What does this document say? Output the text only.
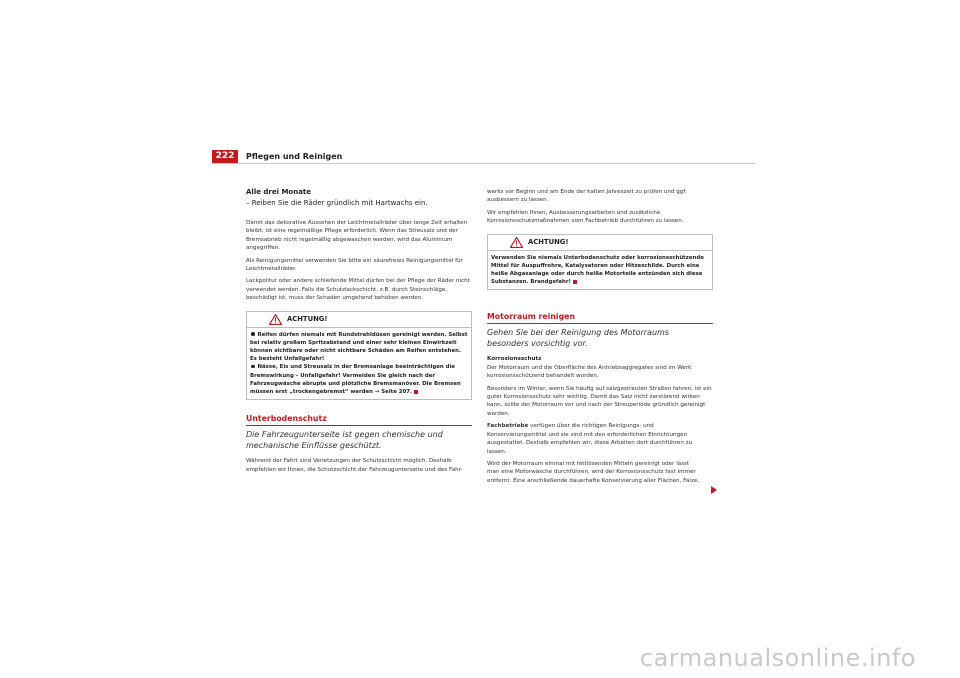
222	Pflegen und Reinigen
Alle drei Monate
– Reiben Sie die Räder gründlich mit Hartwachs ein.

Damit das dekorative Aussehen der Leichtmetallräder über lange Zeit erhalten bleibt, ist eine regelmäßige Pflege erforderlich. Wenn das Streusalz und der Bremsabrieb nicht regelmäßig abgewaschen werden, wird das Aluminium angegriffen.

Als Reinigungsmittel verwenden Sie bitte ein säurefreies Reinigungsmittel für Leichtmetallräder.

Lackpolitur oder andere schleifende Mittel dürfen bei der Pflege der Räder nicht verwendet werden. Falls die Schutzlackschicht, z.B. durch Steinschläge, beschädigt ist, muss der Schaden umgehend behoben werden.

ACHTUNG!
Reifen dürfen niemals mit Rundstrahldüsen gereinigt werden. Selbst bei relativ großem Spritzabstand und einer sehr kleinen Einwirkzeit können sichtbare oder nicht sichtbare Schäden am Reifen entstehen. Es besteht Unfallgefahr!
Nässe, Eis und Streusalz in der Bremsanlage beeinträchtigen die Bremswirkung – Unfallgefahr! Vermeiden Sie gleich nach der Fahrzeugwäsche abrupte und plötzliche Bremsmanöver. Die Bremsen müssen erst „trockengebremst“ werden ⇒ Seite 207.
Unterbodenschutz
Die Fahrzeugunterseite ist gegen chemische und mechanische Einflüsse geschützt.

Während der Fahrt sind Verletzungen der Schutzschicht möglich. Deshalb empfehlen wir Ihnen, die Schutzschicht der Fahrzeugunterseite und des Fahr-

werks vor Beginn und am Ende der kalten Jahreszeit zu prüfen und ggf. ausbessern zu lassen.

Wir empfehlen Ihnen, Ausbesserungsarbeiten und zusätzliche Korrosionsschutzmaßnahmen vom Fachbetrieb durchführen zu lassen.

ACHTUNG!
Verwenden Sie niemals Unterbodenschutz oder korrosionsschützende Mittel für Auspuffrohre, Katalysatoren oder Hitzeschilde. Durch eine heiße Abgasanlage oder durch heiße Motorteile entzünden sich diese Substanzen. Brandgefahr!
Motorraum reinigen
Gehen Sie bei der Reinigung des Motorraums besonders vorsichtig vor.
Korrosionsschutz

Der Motorraum und die Oberfläche des Antriebsaggregates sind im Werk korrosionsschützend behandelt worden.

Besonders im Winter, wenn Sie häufig auf salzgestreuten Straßen fahren, ist ein guter Korrosionsschutz sehr wichtig. Damit das Salz nicht zerstörend wirken kann, sollte der Motorraum vor und nach der Streuperiode gründlich gereinigt werden.

Fachbetriebe verfügen über die richtigen Reinigungs- und Konservierungsmittel und sie sind mit den erforderlichen Einrichtungen ausgestattet. Deshalb empfehlen wir, diese Arbeiten dort durchführen zu lassen.

Wird der Motorraum einmal mit fettlösenden Mitteln gereinigt oder lässt man eine Motorwäsche durchführen, wird der Korrosionsschutz fast immer entfernt. Eine anschließende dauerhafte Konservierung aller Flächen, Falze,

carmanualsonline.info
